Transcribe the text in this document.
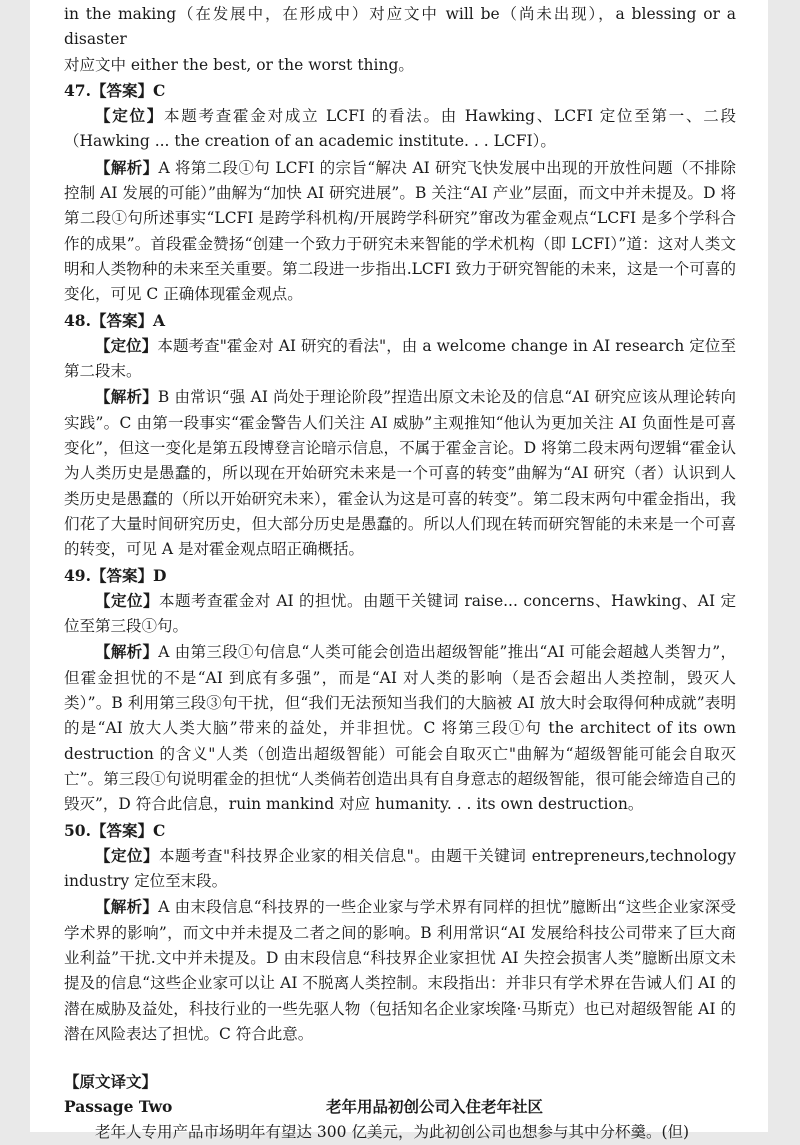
in the making（在发展中，在形成中）对应文中 will be（尚未出现），a blessing or a disaster

对应文中 either the best, or the worst thing。

47.【答案】C

【定位】本题考查霍金对成立 LCFI 的看法。由 Hawking、LCFI 定位至第一、二段（Hawking ... the creation of an academic institute. . . LCFI）。

【解析】A 将第二段①句 LCFI 的宗旨“解决 AI 研究飞快发展中出现的开放性问题（不排除控制 AI 发展的可能）”曲解为“加快 AI 研究进展”。B 关注“AI 产业”层面，而文中并未提及。D 将第二段①句所述事实“LCFI 是跨学科机构/开展跨学科研究”窜改为霍金观点“LCFI 是多个学科合作的成果”。首段霍金赞扬“创建一个致力于研究未来智能的学术机构（即 LCFI）”道：这对人类文明和人类物种的未来至关重要。第二段进一步指出.LCFI 致力于研究智能的未来，这是一个可喜的变化，可见 C 正确体现霍金观点。

48.【答案】A

【定位】本题考查"霍金对 AI 研究的看法"，由 a welcome change in AI research 定位至第二段末。

【解析】B 由常识“强 AI 尚处于理论阶段”捏造出原文未论及的信息“AI 研究应该从理论转向实践”。C 由第一段事实“霍金警告人们关注 AI 威胁”主观推知“他认为更加关注 AI 负面性是可喜变化”，但这一变化是第五段博登言论暗示信息，不属于霍金言论。D 将第二段末两句逻辑“霍金认为人类历史是愚蠢的，所以现在开始研究未来是一个可喜的转变”曲解为“AI 研究（者）认识到人类历史是愚蠢的（所以开始研究未来），霍金认为这是可喜的转变”。第二段末两句中霍金指出，我们花了大量时间研究历史，但大部分历史是愚蠢的。所以人们现在转而研究智能的未来是一个可喜的转变，可见 A 是对霍金观点昭正确概括。

49.【答案】D

【定位】本题考查霍金对 AI 的担忧。由题干关键词 raise... concerns、Hawking、AI 定位至第三段①句。

【解析】A 由第三段①句信息“人类可能会创造出超级智能”推出“AI 可能会超越人类智力”，但霍金担忧的不是“AI 到底有多强”，而是“AI 对人类的影响（是否会超出人类控制，毁灭人类）”。B 利用第三段③句干扰，但“我们无法预知当我们的大脑被 AI 放大时会取得何种成就”表明的是“AI 放大人类大脑”带来的益处，并非担忧。C 将第三段①句 the architect of its own destruction 的含义"人类（创造出超级智能）可能会自取灭亡"曲解为“超级智能可能会自取灭亡”。第三段①句说明霍金的担忧“人类倘若创造出具有自身意志的超级智能，很可能会缔造自己的毁灭”，D 符合此信息，ruin mankind 对应 humanity. . . its own destruction。

50.【答案】C

【定位】本题考查"科技界企业家的相关信息"。由题干关键词 entrepreneurs,technology industry 定位至末段。

【解析】A 由末段信息“科技界的一些企业家与学术界有同样的担忧”臆断出“这些企业家深受学术界的影响”，而文中并未提及二者之间的影响。B 利用常识“AI 发展给科技公司带来了巨大商业利益”干扰.文中并未提及。D 由末段信息“科技界企业家担忧 AI 失控会损害人类”臆断出原文未提及的信息“这些企业家可以让 AI 不脱离人类控制。末段指出：并非只有学术界在告诫人们 AI 的潜在威胁及益处，科技行业的一些先驱人物（包括知名企业家埃隆·马斯克）也已对超级智能 AI 的潜在风险表达了担忧。C 符合此意。

【原文译文】

Passage Two	老年用品初创公司入住老年社区

老年人专用产品市场明年有望达 300 亿美元，为此初创公司也想参与其中分杯羹。(但)
